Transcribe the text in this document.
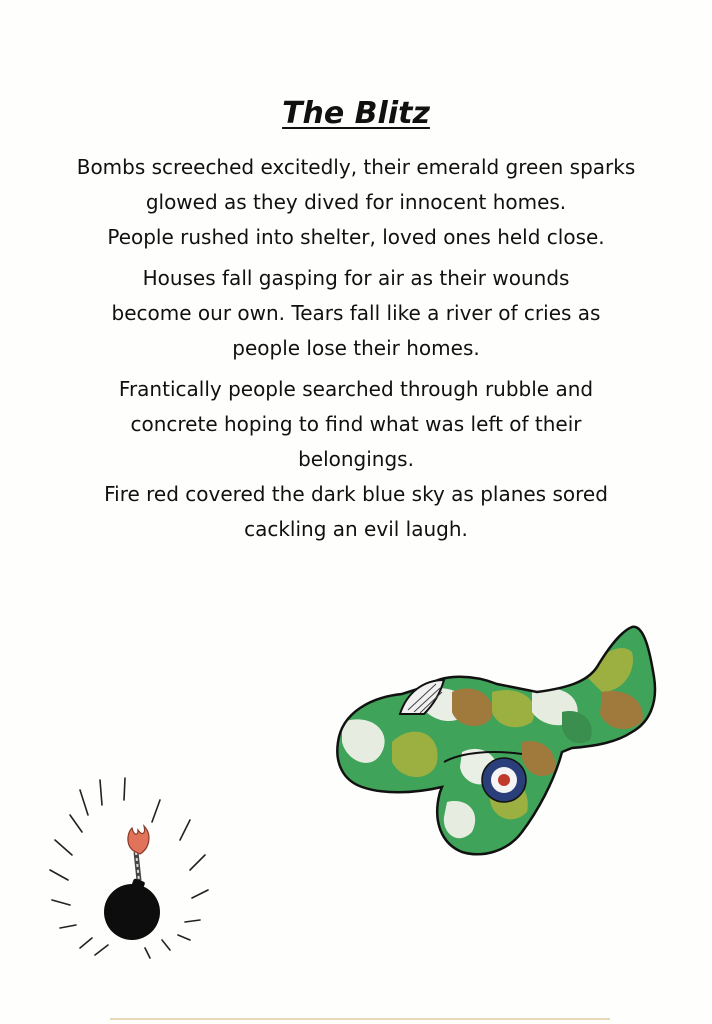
The Blitz

Bombs screeched excitedly, their emerald green sparks
glowed as they dived for innocent homes.
People rushed into shelter, loved ones held close.

Houses fall gasping for air as their wounds
become our own. Tears fall like a river of cries as
people lose their homes.

Frantically people searched through rubble and
concrete hoping to find what was left of their
belongings.
Fire red covered the dark blue sky as planes sored
cackling an evil laugh.
